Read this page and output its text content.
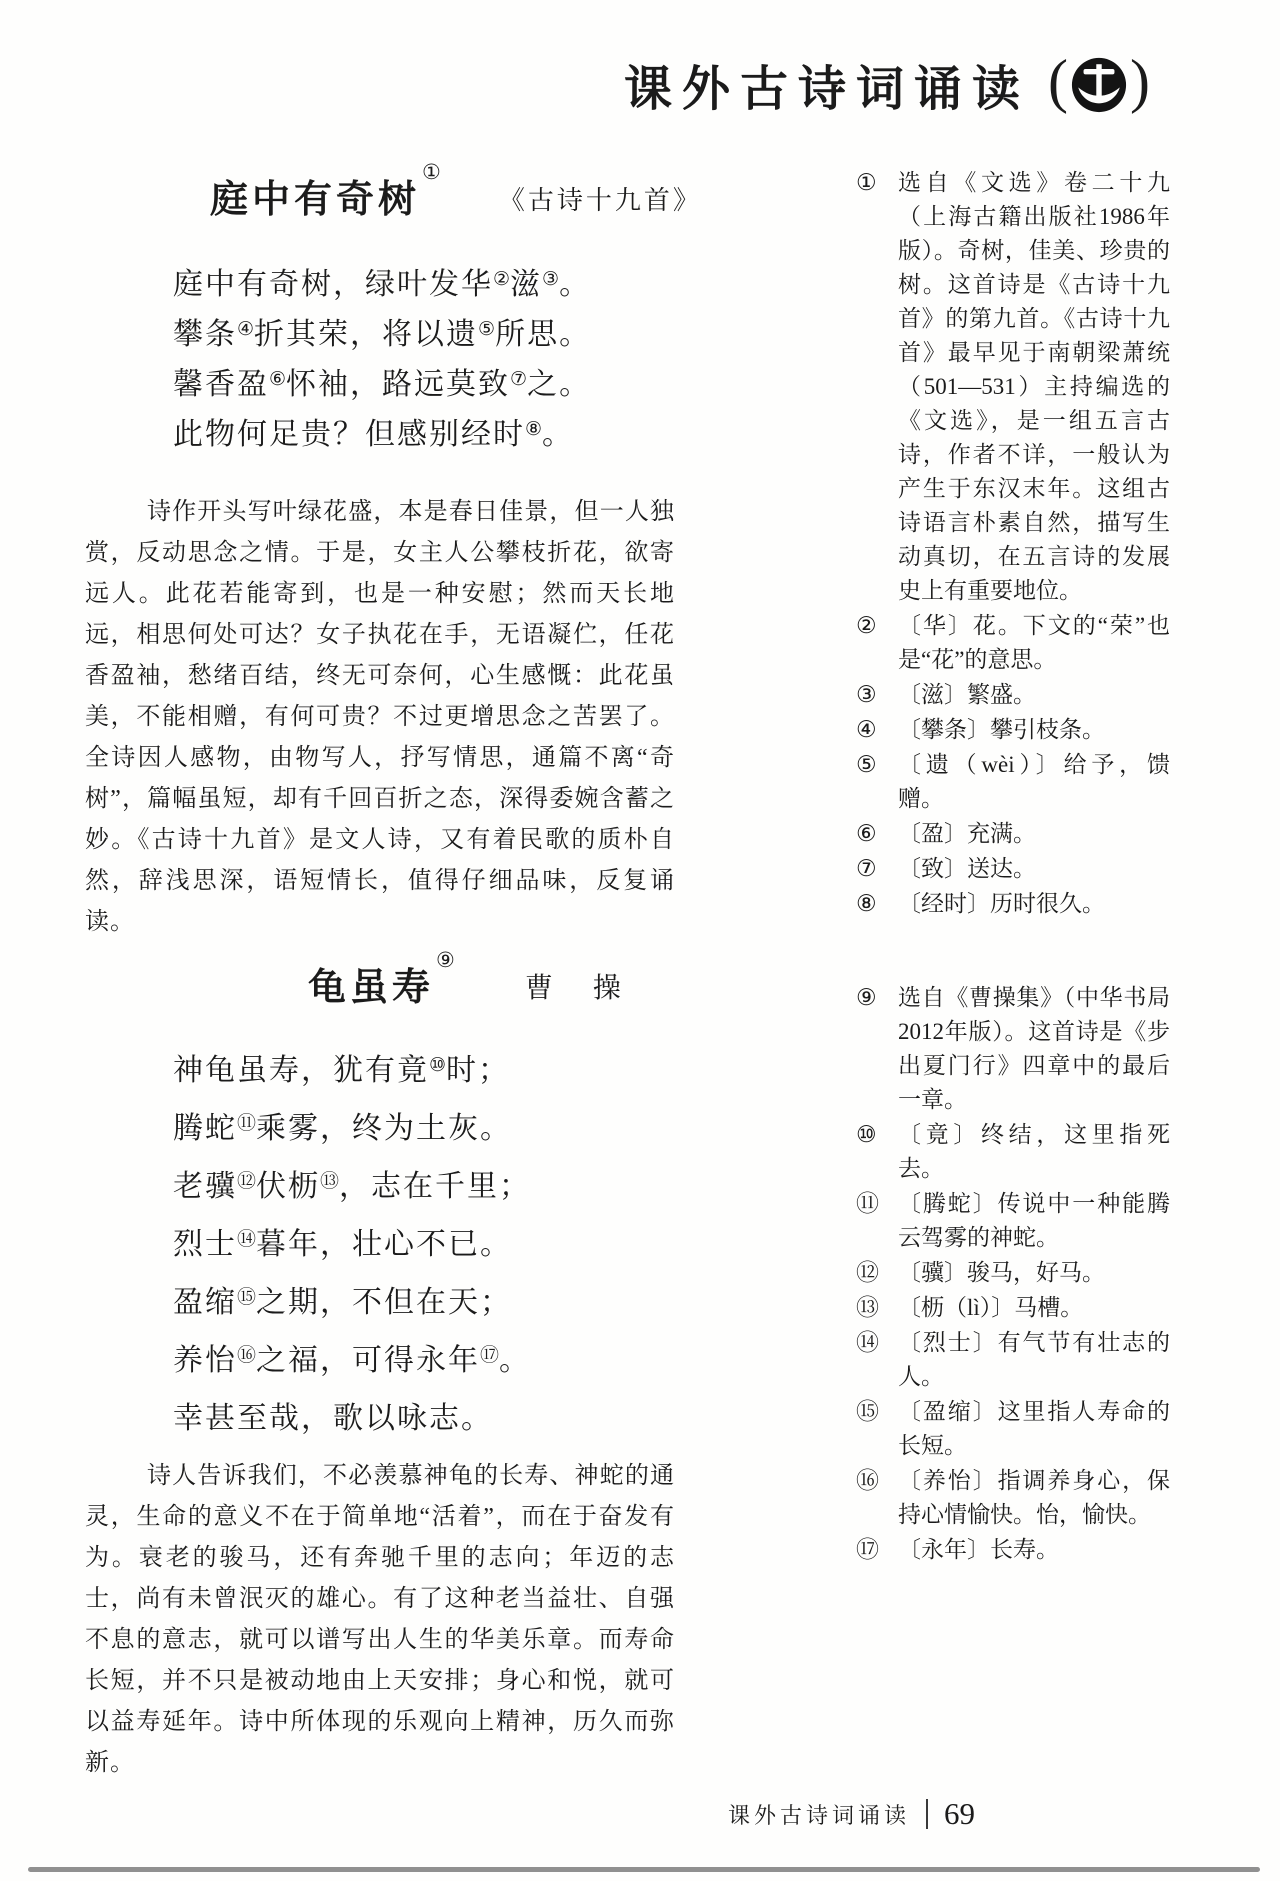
课外古诗词诵读 ( )
庭中有奇树
①
《古诗十九首》
庭中有奇树，绿叶发华②滋③。
攀条④折其荣，将以遗⑤所思。
馨香盈⑥怀袖，路远莫致⑦之。
此物何足贵？但感别经时⑧。
诗作开头写叶绿花盛，本是春日佳景，但一人独赏，反动思念之情。于是，女主人公攀枝折花，欲寄远人。此花若能寄到，也是一种安慰；然而天长地远，相思何处可达？女子执花在手，无语凝伫，任花香盈袖，愁绪百结，终无可奈何，心生感慨：此花虽美，不能相赠，有何可贵？不过更增思念之苦罢了。全诗因人感物，由物写人，抒写情思，通篇不离“奇树”，篇幅虽短，却有千回百折之态，深得委婉含蓄之妙。《古诗十九首》是文人诗，又有着民歌的质朴自然，辞浅思深，语短情长，值得仔细品味，反复诵读。
龟虽寿
⑨
曹　操
神龟虽寿，犹有竟⑩时；
腾蛇⑪乘雾，终为土灰。
老骥⑫伏枥⑬，志在千里；
烈士⑭暮年，壮心不已。
盈缩⑮之期，不但在天；
养怡⑯之福，可得永年⑰。
幸甚至哉，歌以咏志。
诗人告诉我们，不必羡慕神龟的长寿、神蛇的通灵，生命的意义不在于简单地“活着”，而在于奋发有为。衰老的骏马，还有奔驰千里的志向；年迈的志士，尚有未曾泯灭的雄心。有了这种老当益壮、自强不息的意志，就可以谱写出人生的华美乐章。而寿命长短，并不只是被动地由上天安排；身心和悦，就可以益寿延年。诗中所体现的乐观向上精神，历久而弥新。
① 选自《文选》卷二十九（上海古籍出版社1986年版）。奇树，佳美、珍贵的树。这首诗是《古诗十九首》的第九首。《古诗十九首》最早见于南朝梁萧统（501—531）主持编选的《文选》，是一组五言古诗，作者不详，一般认为产生于东汉末年。这组古诗语言朴素自然，描写生动真切，在五言诗的发展史上有重要地位。
② 〔华〕花。下文的“荣”也是“花”的意思。
③ 〔滋〕繁盛。
④ 〔攀条〕攀引枝条。
⑤ 〔遗（wèi）〕给予，馈赠。
⑥ 〔盈〕充满。
⑦ 〔致〕送达。
⑧ 〔经时〕历时很久。
⑨ 选自《曹操集》（中华书局2012年版）。这首诗是《步出夏门行》四章中的最后一章。
⑩ 〔竟〕终结，这里指死去。
⑪ 〔腾蛇〕传说中一种能腾云驾雾的神蛇。
⑫ 〔骥〕骏马，好马。
⑬ 〔枥（lì）〕马槽。
⑭ 〔烈士〕有气节有壮志的人。
⑮ 〔盈缩〕这里指人寿命的长短。
⑯ 〔养怡〕指调养身心，保持心情愉快。怡，愉快。
⑰ 〔永年〕长寿。
课外古诗词诵读 69
